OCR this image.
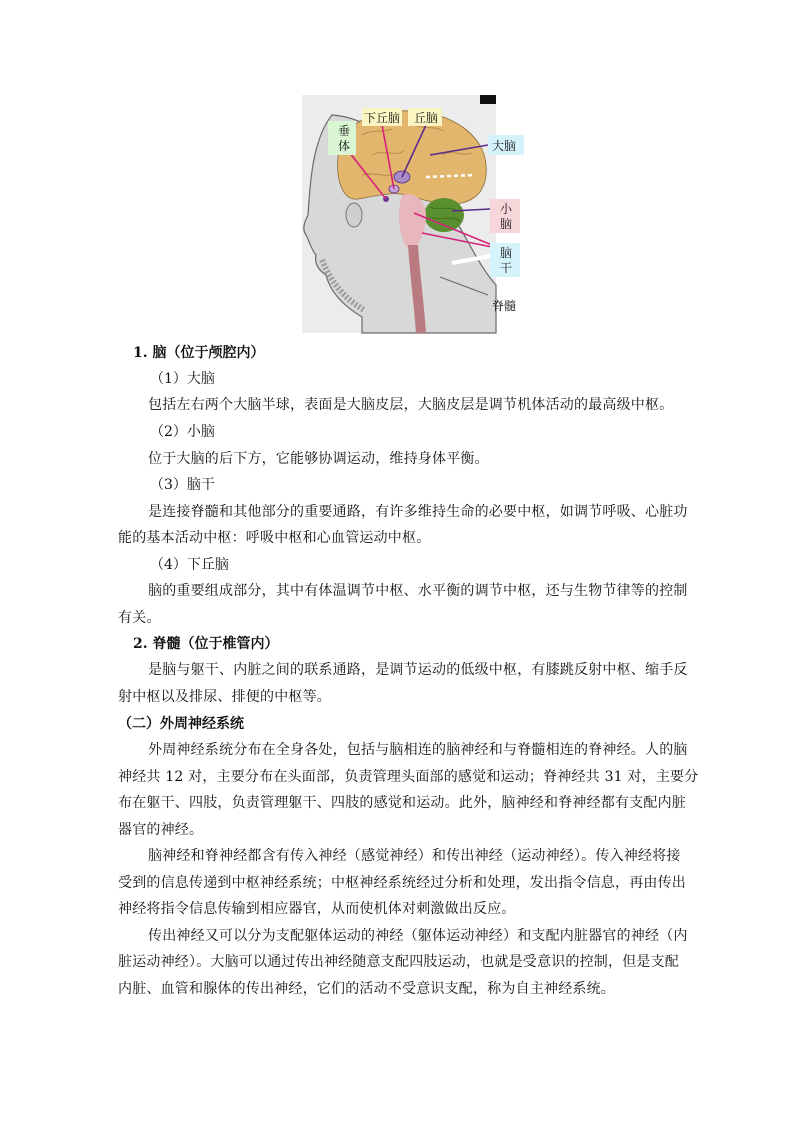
垂
体
下丘脑 丘脑
大脑
小
脑
脑
干
脊髓
1. 脑（位于颅腔内）
（1）大脑
包括左右两个大脑半球，表面是大脑皮层，大脑皮层是调节机体活动的最高级中枢。
（2）小脑
位于大脑的后下方，它能够协调运动，维持身体平衡。
（3）脑干
是连接脊髓和其他部分的重要通路，有许多维持生命的必要中枢，如调节呼吸、心脏功
能的基本活动中枢：呼吸中枢和心血管运动中枢。
（4）下丘脑
脑的重要组成部分，其中有体温调节中枢、水平衡的调节中枢，还与生物节律等的控制
有关。
2. 脊髓（位于椎管内）
是脑与躯干、内脏之间的联系通路，是调节运动的低级中枢，有膝跳反射中枢、缩手反
射中枢以及排尿、排便的中枢等。
（二）外周神经系统
外周神经系统分布在全身各处，包括与脑相连的脑神经和与脊髓相连的脊神经。人的脑
神经共 12 对，主要分布在头面部，负责管理头面部的感觉和运动；脊神经共 31 对，主要分
布在躯干、四肢，负责管理躯干、四肢的感觉和运动。此外，脑神经和脊神经都有支配内脏
器官的神经。
脑神经和脊神经都含有传入神经（感觉神经）和传出神经（运动神经）。传入神经将接
受到的信息传递到中枢神经系统；中枢神经系统经过分析和处理，发出指令信息，再由传出
神经将指令信息传输到相应器官，从而使机体对刺激做出反应。
传出神经又可以分为支配躯体运动的神经（躯体运动神经）和支配内脏器官的神经（内
脏运动神经）。大脑可以通过传出神经随意支配四肢运动，也就是受意识的控制，但是支配
内脏、血管和腺体的传出神经，它们的活动不受意识支配，称为自主神经系统。
